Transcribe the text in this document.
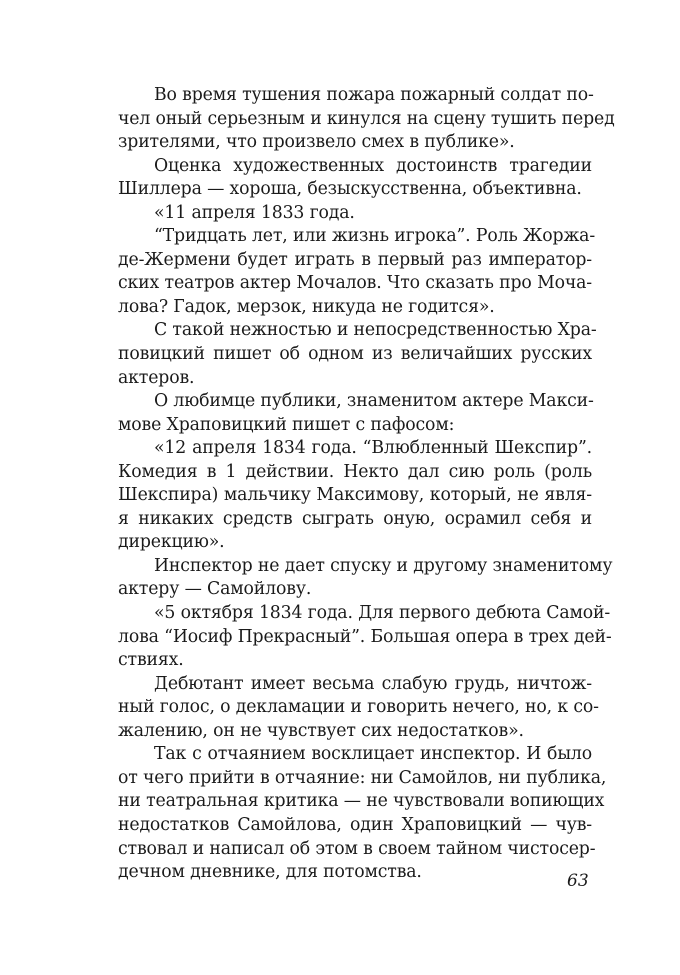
Во время тушения пожара пожарный солдат по-
чел оный серьезным и кинулся на сцену тушить перед
зрителями, что произвело смех в публике».
Оценка художественных достоинств трагедии
Шиллера — хороша, безыскусственна, объективна.
«11 апреля 1833 года.
“Тридцать лет, или жизнь игрока”. Роль Жоржа-
де-Жермени будет играть в первый раз император-
ских театров актер Мочалов. Что сказать про Моча-
лова? Гадок, мерзок, никуда не годится».
С такой нежностью и непосредственностью Хра-
повицкий пишет об одном из величайших русских
актеров.
О любимце публики, знаменитом актере Макси-
мове Храповицкий пишет с пафосом:
«12 апреля 1834 года. “Влюбленный Шекспир”.
Комедия в 1 действии. Некто дал сию роль (роль
Шекспира) мальчику Максимову, который, не явля-
я никаких средств сыграть оную, осрамил себя и
дирекцию».
Инспектор не дает спуску и другому знаменитому
актеру — Самойлову.
«5 октября 1834 года. Для первого дебюта Самой-
лова “Иосиф Прекрасный”. Большая опера в трех дей-
ствиях.
Дебютант имеет весьма слабую грудь, ничтож-
ный голос, о декламации и говорить нечего, но, к со-
жалению, он не чувствует сих недостатков».
Так с отчаянием восклицает инспектор. И было
от чего прийти в отчаяние: ни Самойлов, ни публика,
ни театральная критика — не чувствовали вопиющих
недостатков Самойлова, один Храповицкий — чув-
ствовал и написал об этом в своем тайном чистосер-
дечном дневнике, для потомства.	63
